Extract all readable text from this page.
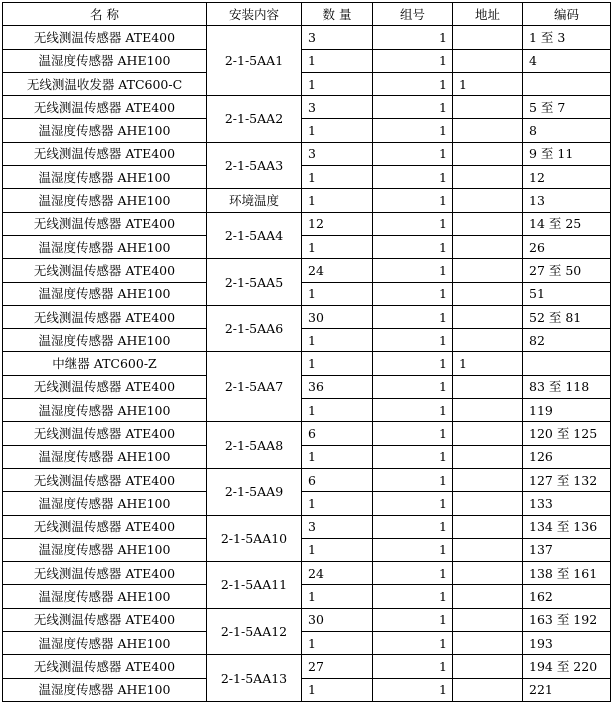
名 称	安装内容	数 量	组号	地址	编码
无线测温传感器 ATE400	2-1-5AA1	3	1		1 至 3
温湿度传感器 AHE100		1	1		4
无线测温收发器 ATC600-C		1	1	1	
无线测温传感器 ATE400	2-1-5AA2	3	1		5 至 7
温湿度传感器 AHE100		1	1		8
无线测温传感器 ATE400	2-1-5AA3	3	1		9 至 11
温湿度传感器 AHE100		1	1		12
温湿度传感器 AHE100	环境温度	1	1		13
无线测温传感器 ATE400	2-1-5AA4	12	1		14 至 25
温湿度传感器 AHE100		1	1		26
无线测温传感器 ATE400	2-1-5AA5	24	1		27 至 50
温湿度传感器 AHE100		1	1		51
无线测温传感器 ATE400	2-1-5AA6	30	1		52 至 81
温湿度传感器 AHE100		1	1		82
中继器 ATC600-Z	2-1-5AA7	1	1	1	
无线测温传感器 ATE400		36	1		83 至 118
温湿度传感器 AHE100		1	1		119
无线测温传感器 ATE400	2-1-5AA8	6	1		120 至 125
温湿度传感器 AHE100		1	1		126
无线测温传感器 ATE400	2-1-5AA9	6	1		127 至 132
温湿度传感器 AHE100		1	1		133
无线测温传感器 ATE400	2-1-5AA10	3	1		134 至 136
温湿度传感器 AHE100		1	1		137
无线测温传感器 ATE400	2-1-5AA11	24	1		138 至 161
温湿度传感器 AHE100		1	1		162
无线测温传感器 ATE400	2-1-5AA12	30	1		163 至 192
温湿度传感器 AHE100		1	1		193
无线测温传感器 ATE400	2-1-5AA13	27	1		194 至 220
温湿度传感器 AHE100		1	1		221
